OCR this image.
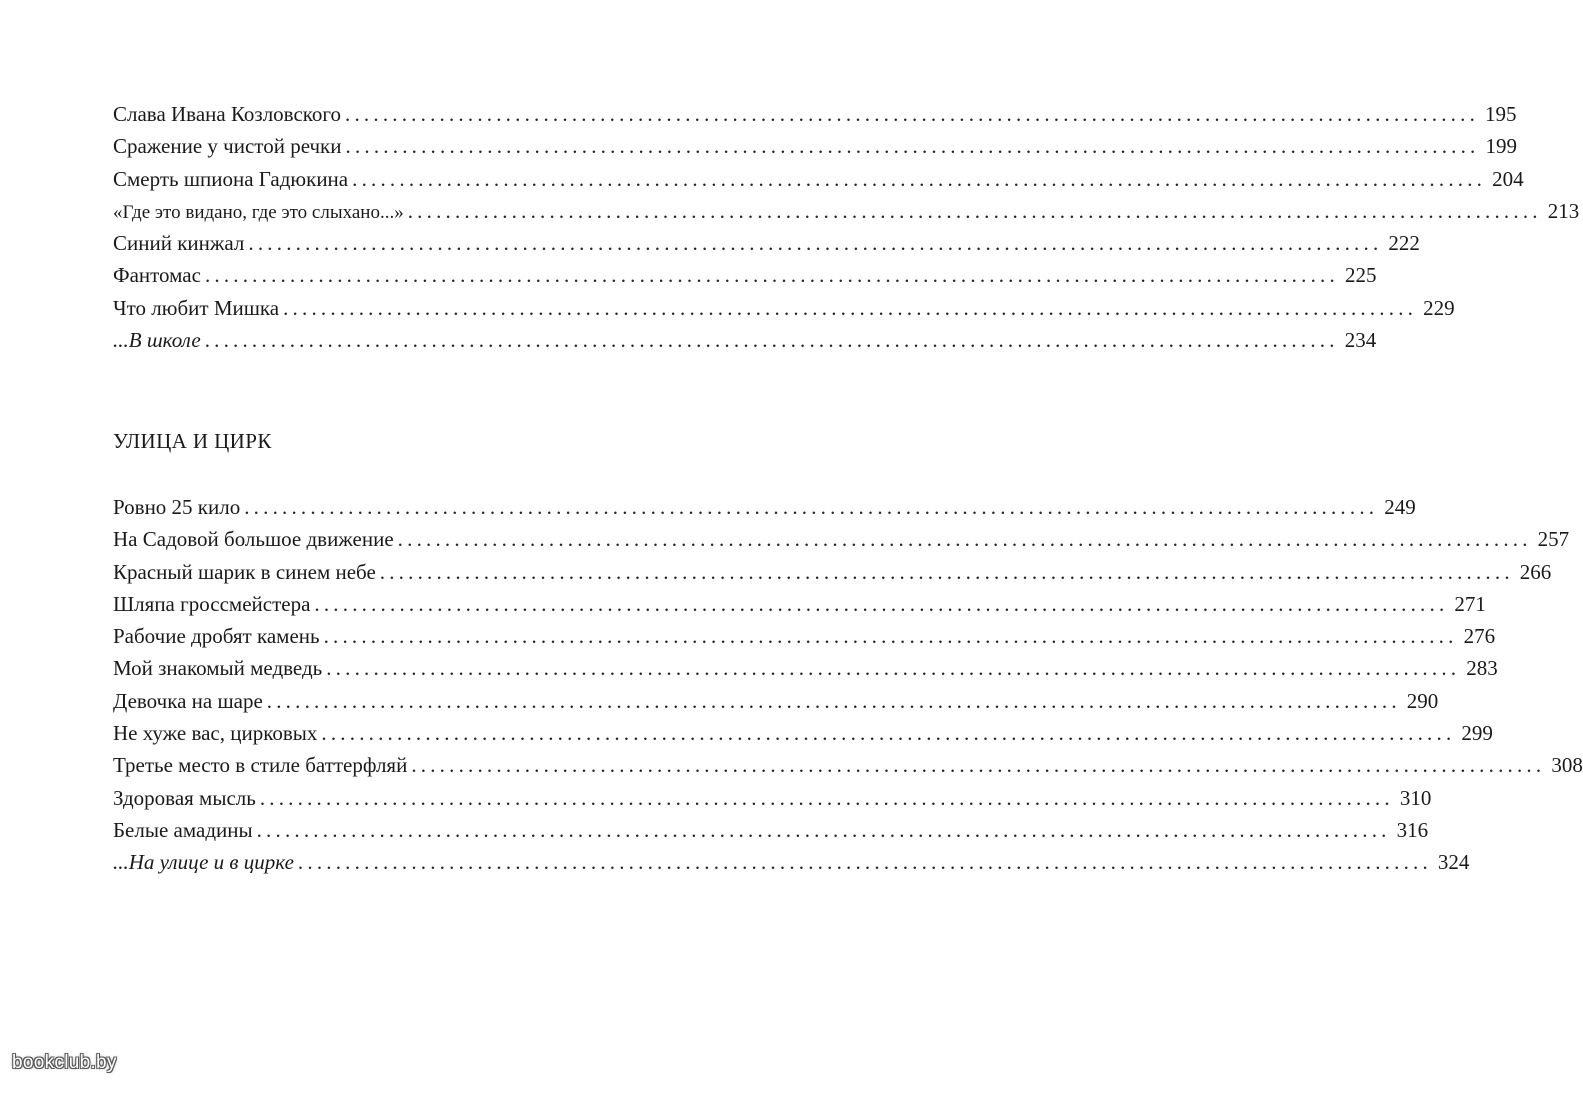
Слава Ивана Козловского ........................................................................................................................ 195
Сражение у чистой речки ........................................................................................................................ 199
Смерть шпиона Гадюкина ........................................................................................................................ 204
«Где это видано, где это слыхано...» ........................................................................................................................ 213
Синий кинжал ........................................................................................................................ 222
Фантомас ........................................................................................................................ 225
Что любит Мишка ........................................................................................................................ 229
...В школе ........................................................................................................................ 234
УЛИЦА И ЦИРК
Ровно 25 кило ........................................................................................................................ 249
На Садовой большое движение ........................................................................................................................ 257
Красный шарик в синем небе ........................................................................................................................ 266
Шляпа гроссмейстера ........................................................................................................................ 271
Рабочие дробят камень ........................................................................................................................ 276
Мой знакомый медведь ........................................................................................................................ 283
Девочка на шаре ........................................................................................................................ 290
Не хуже вас, цирковых ........................................................................................................................ 299
Третье место в стиле баттерфляй ........................................................................................................................ 308
Здоровая мысль ........................................................................................................................ 310
Белые амадины ........................................................................................................................ 316
...На улице и в цирке ........................................................................................................................ 324
bookclub.by
